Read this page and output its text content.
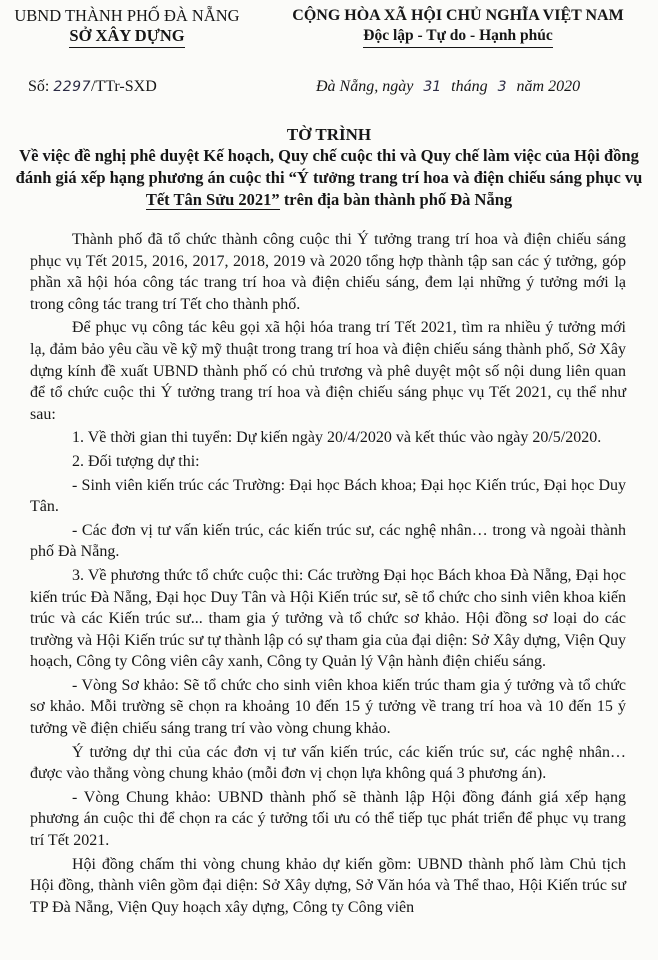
UBND THÀNH PHỐ ĐÀ NẴNG
SỞ XÂY DỰNG
CỘNG HÒA XÃ HỘI CHỦ NGHĨA VIỆT NAM
Độc lập - Tự do - Hạnh phúc
Số: 2297/TTr-SXD	Đà Nẵng, ngày 31 tháng 3 năm 2020
TỜ TRÌNH
Về việc đề nghị phê duyệt Kế hoạch, Quy chế cuộc thi và Quy chế làm việc của Hội đồng đánh giá xếp hạng phương án cuộc thi “Ý tưởng trang trí hoa và điện chiếu sáng phục vụ Tết Tân Sửu 2021” trên địa bàn thành phố Đà Nẵng

Thành phố đã tổ chức thành công cuộc thi Ý tưởng trang trí hoa và điện chiếu sáng phục vụ Tết 2015, 2016, 2017, 2018, 2019 và 2020 tổng hợp thành tập san các ý tưởng, góp phần xã hội hóa công tác trang trí hoa và điện chiếu sáng, đem lại những ý tưởng mới lạ trong công tác trang trí Tết cho thành phố.

Để phục vụ công tác kêu gọi xã hội hóa trang trí Tết 2021, tìm ra nhiều ý tưởng mới lạ, đảm bảo yêu cầu về kỹ mỹ thuật trong trang trí hoa và điện chiếu sáng thành phố, Sở Xây dựng kính đề xuất UBND thành phố có chủ trương và phê duyệt một số nội dung liên quan để tổ chức cuộc thi Ý tưởng trang trí hoa và điện chiếu sáng phục vụ Tết 2021, cụ thể như sau:

1. Về thời gian thi tuyển: Dự kiến ngày 20/4/2020 và kết thúc vào ngày 20/5/2020.

2. Đối tượng dự thi:

- Sinh viên kiến trúc các Trường: Đại học Bách khoa; Đại học Kiến trúc, Đại học Duy Tân.

- Các đơn vị tư vấn kiến trúc, các kiến trúc sư, các nghệ nhân… trong và ngoài thành phố Đà Nẵng.

3. Về phương thức tổ chức cuộc thi: Các trường Đại học Bách khoa Đà Nẵng, Đại học kiến trúc Đà Nẵng, Đại học Duy Tân và Hội Kiến trúc sư, sẽ tổ chức cho sinh viên khoa kiến trúc và các Kiến trúc sư... tham gia ý tưởng và tổ chức sơ khảo. Hội đồng sơ loại do các trường và Hội Kiến trúc sư tự thành lập có sự tham gia của đại diện: Sở Xây dựng, Viện Quy hoạch, Công ty Công viên cây xanh, Công ty Quản lý Vận hành điện chiếu sáng.

- Vòng Sơ khảo: Sẽ tổ chức cho sinh viên khoa kiến trúc tham gia ý tưởng và tổ chức sơ khảo. Mỗi trường sẽ chọn ra khoảng 10 đến 15 ý tưởng về trang trí hoa và 10 đến 15 ý tưởng về điện chiếu sáng trang trí vào vòng chung khảo.

Ý tưởng dự thi của các đơn vị tư vấn kiến trúc, các kiến trúc sư, các nghệ nhân… được vào thẳng vòng chung khảo (mỗi đơn vị chọn lựa không quá 3 phương án).

- Vòng Chung khảo: UBND thành phố sẽ thành lập Hội đồng đánh giá xếp hạng phương án cuộc thi để chọn ra các ý tưởng tối ưu có thể tiếp tục phát triển để phục vụ trang trí Tết 2021.

Hội đồng chấm thi vòng chung khảo dự kiến gồm: UBND thành phố làm Chủ tịch Hội đồng, thành viên gồm đại diện: Sở Xây dựng, Sở Văn hóa và Thể thao, Hội Kiến trúc sư TP Đà Nẵng, Viện Quy hoạch xây dựng, Công ty Công viên
